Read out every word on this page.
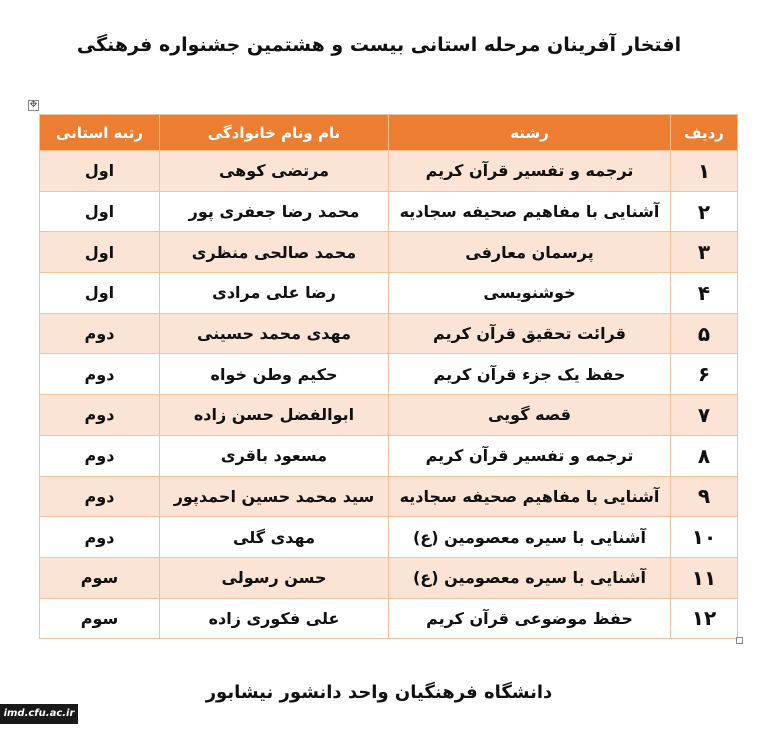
افتخار آفرینان مرحله استانی بیست و هشتمین جشنواره فرهنگی
✥
ردیف	رشته	نام ونام خانوادگی	رتبه استانی
۱	ترجمه و تفسیر قرآن کریم	مرتضی کوهی	اول
۲	آشنایی با مفاهیم صحیفه سجادیه	محمد رضا جعفری پور	اول
۳	پرسمان معارفی	محمد صالحی منظری	اول
۴	خوشنویسی	رضا علی مرادی	اول
۵	قرائت تحقیق قرآن کریم	مهدی محمد حسینی	دوم
۶	حفظ یک جزء قرآن کریم	حکیم وطن خواه	دوم
۷	قصه گویی	ابوالفضل حسن زاده	دوم
۸	ترجمه و تفسیر قرآن کریم	مسعود باقری	دوم
۹	آشنایی با مفاهیم صحیفه سجادیه	سید محمد حسین احمدپور	دوم
۱۰	آشنایی با سیره معصومین (ع)	مهدی گلی	دوم
۱۱	آشنایی با سیره معصومین (ع)	حسن رسولی	سوم
۱۲	حفظ موضوعی قرآن کریم	علی فکوری زاده	سوم
دانشگاه فرهنگیان واحد دانشور نیشابور
imd.cfu.ac.ir
